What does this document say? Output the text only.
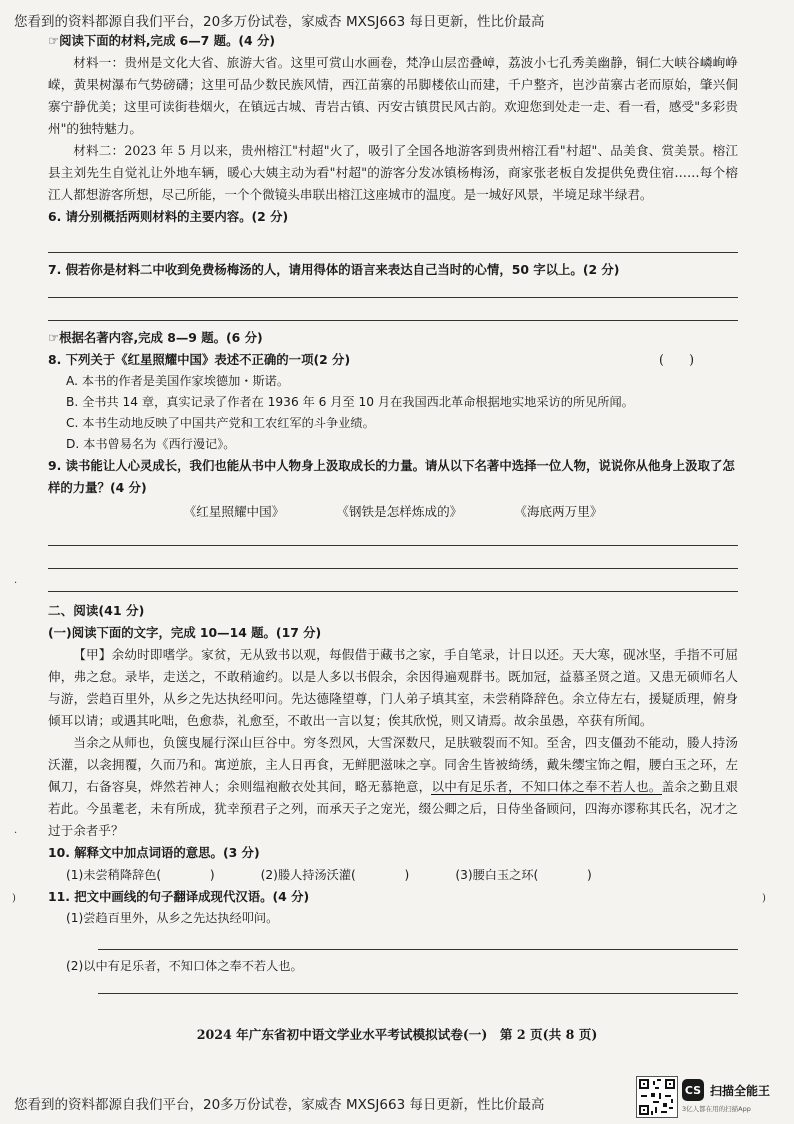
您看到的资料都源自我们平台，20多万份试卷，家威杏 MXSJ663 每日更新，性比价最高

☞阅读下面的材料,完成 6—7 题。(4 分)

材料一：贵州是文化大省、旅游大省。这里可赏山水画卷，梵净山层峦叠嶂，荔波小七孔秀美幽静，铜仁大峡谷嶙峋峥嵘，黄果树瀑布气势磅礴；这里可品少数民族风情，西江苗寨的吊脚楼依山而建，千户整齐，岜沙苗寨古老而原始，肇兴侗寨宁静优美；这里可读街巷烟火，在镇远古城、青岩古镇、丙安古镇贯民风古韵。欢迎您到处走一走、看一看，感受"多彩贵州"的独特魅力。

材料二：2023 年 5 月以来，贵州榕江"村超"火了，吸引了全国各地游客到贵州榕江看"村超"、品美食、赏美景。榕江县主刘先生自觉礼让外地车辆，暖心大姨主动为看"村超"的游客分发冰镇杨梅汤，商家张老板自发提供免费住宿……每个榕江人都想游客所想，尽己所能，一个个微镜头串联出榕江这座城市的温度。是一城好风景，半境足球半绿君。

6. 请分别概括两则材料的主要内容。(2 分)

7. 假若你是材料二中收到免费杨梅汤的人，请用得体的语言来表达自己当时的心情，50 字以上。(2 分)

☞根据名著内容,完成 8—9 题。(6 分)

8. 下列关于《红星照耀中国》表述不正确的一项(2 分)	(　　)

A. 本书的作者是美国作家埃德加・斯诺。

B. 全书共 14 章，真实记录了作者在 1936 年 6 月至 10 月在我国西北革命根据地实地采访的所见所闻。

C. 本书生动地反映了中国共产党和工农红军的斗争业绩。

D. 本书曾易名为《西行漫记》。

9. 读书能让人心灵成长，我们也能从书中人物身上汲取成长的力量。请从以下名著中选择一位人物，说说你从他身上汲取了怎样的力量？(4 分)

《红星照耀中国》	《钢铁是怎样炼成的》	《海底两万里》

二、阅读(41 分)

(一)阅读下面的文字，完成 10—14 题。(17 分)

【甲】余幼时即嗜学。家贫，无从致书以观，每假借于藏书之家，手自笔录，计日以还。天大寒，砚冰坚，手指不可屈伸，弗之怠。录毕，走送之，不敢稍逾约。以是人多以书假余，余因得遍观群书。既加冠，益慕圣贤之道。又患无硕师名人与游，尝趋百里外，从乡之先达执经叩问。先达德隆望尊，门人弟子填其室，未尝稍降辞色。余立侍左右，援疑质理，俯身倾耳以请；或遇其叱咄，色愈恭，礼愈至，不敢出一言以复；俟其欣悦，则又请焉。故余虽愚，卒获有所闻。

当余之从师也，负箧曳屣行深山巨谷中。穷冬烈风，大雪深数尺，足肤皲裂而不知。至舍，四支僵劲不能动，媵人持汤沃灌，以衾拥覆，久而乃和。寓逆旅，主人日再食，无鲜肥滋味之享。同舍生皆被绮绣，戴朱缨宝饰之帽，腰白玉之环，左佩刀，右备容臭，烨然若神人；余则缊袍敝衣处其间，略无慕艳意，以中有足乐者，不知口体之奉不若人也。盖余之勤且艰若此。今虽耄老，未有所成，犹幸预君子之列，而承天子之宠光，缀公卿之后，日侍坐备顾问，四海亦谬称其氏名，况才之过于余者乎？

10. 解释文中加点词语的意思。(3 分)

(1)未尝稍降辞色(　　　　)	(2)媵人持汤沃灌(　　　　)	(3)腰白玉之环(　　　　)

11. 把文中画线的句子翻译成现代汉语。(4 分)

(1)尝趋百里外，从乡之先达执经叩问。

(2)以中有足乐者，不知口体之奉不若人也。

·
·
)	)
2024 年广东省初中语文学业水平考试模拟试卷(一)　第 2 页(共 8 页)
您看到的资料都源自我们平台，20多万份试卷，家威杏 MXSJ663 每日更新，性比价最高
CS 扫描全能王
3亿人都在用的扫描App
